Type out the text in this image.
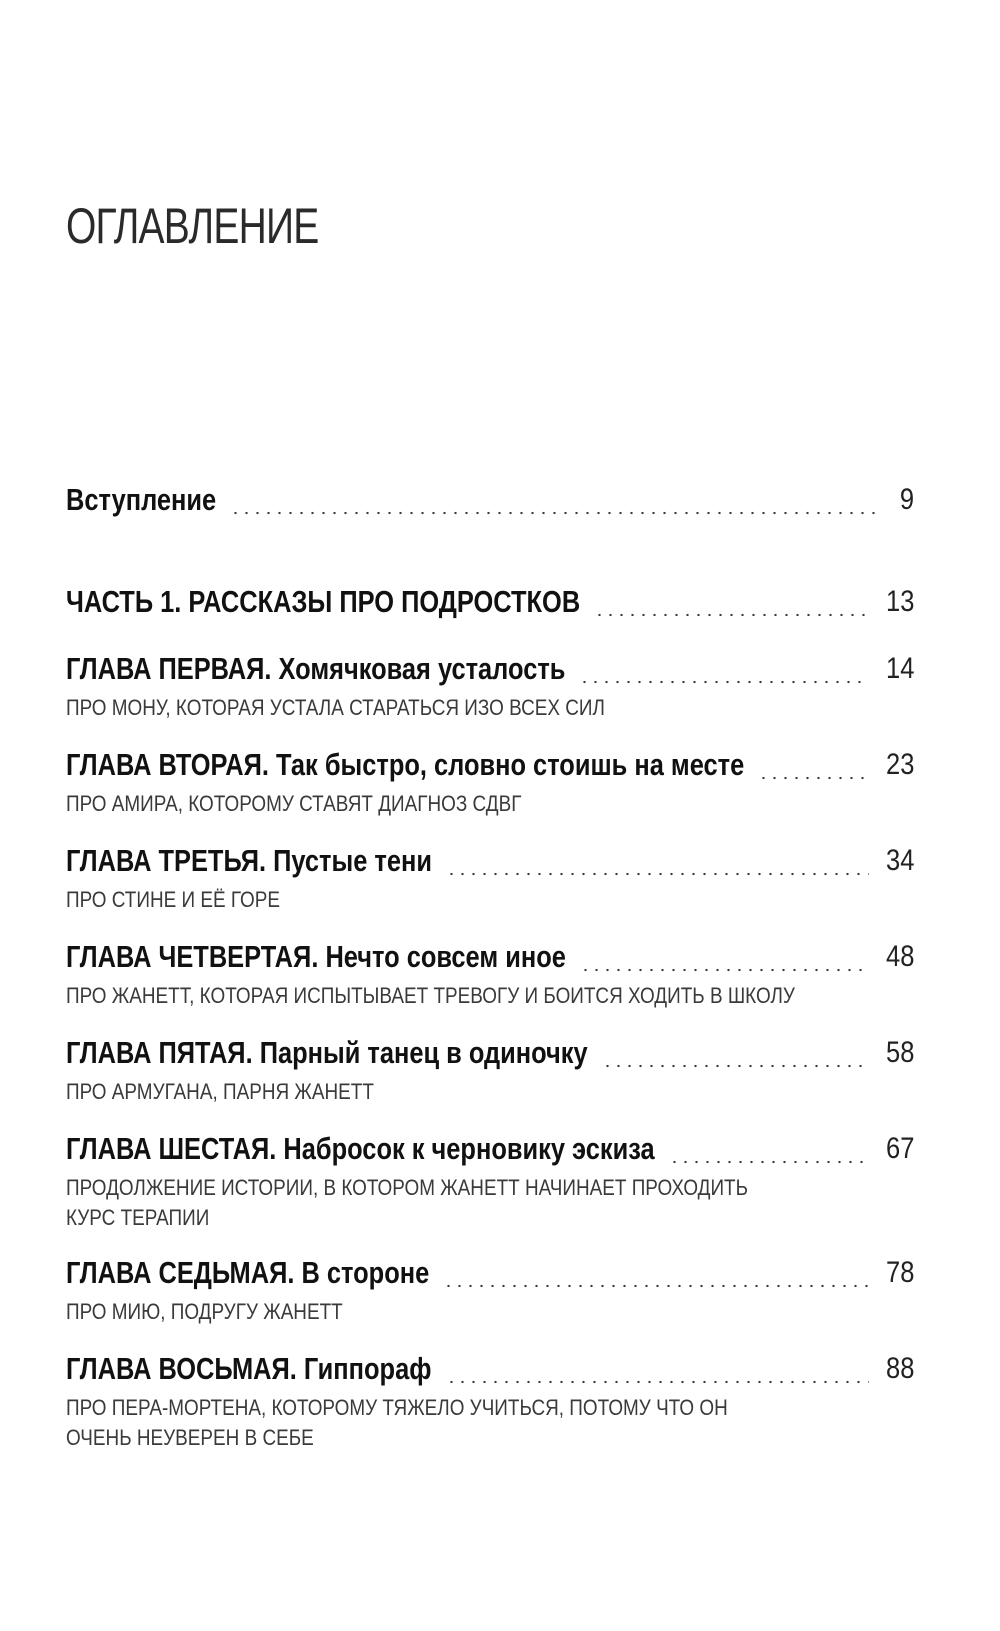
ОГЛАВЛЕНИЕ
Вступление	9
ЧАСТЬ 1. РАССКАЗЫ ПРО ПОДРОСТКОВ	13
ГЛАВА ПЕРВАЯ. Хомячковая усталость	14
ПРО МОНУ, КОТОРАЯ УСТАЛА СТАРАТЬСЯ ИЗО ВСЕХ СИЛ
ГЛАВА ВТОРАЯ. Так быстро, словно стоишь на месте	23
ПРО АМИРА, КОТОРОМУ СТАВЯТ ДИАГНОЗ СДВГ
ГЛАВА ТРЕТЬЯ. Пустые тени	34
ПРО СТИНЕ И ЕЁ ГОРЕ
ГЛАВА ЧЕТВЕРТАЯ. Нечто совсем иное	48
ПРО ЖАНЕТТ, КОТОРАЯ ИСПЫТЫВАЕТ ТРЕВОГУ И БОИТСЯ ХОДИТЬ В ШКОЛУ
ГЛАВА ПЯТАЯ. Парный танец в одиночку	58
ПРО АРМУГАНА, ПАРНЯ ЖАНЕТТ
ГЛАВА ШЕСТАЯ. Набросок к черновику эскиза	67
ПРОДОЛЖЕНИЕ ИСТОРИИ, В КОТОРОМ ЖАНЕТТ НАЧИНАЕТ ПРОХОДИТЬ
КУРС ТЕРАПИИ
ГЛАВА СЕДЬМАЯ. В стороне	78
ПРО МИЮ, ПОДРУГУ ЖАНЕТТ
ГЛАВА ВОСЬМАЯ. Гиппораф	88
ПРО ПЕРА-МОРТЕНА, КОТОРОМУ ТЯЖЕЛО УЧИТЬСЯ, ПОТОМУ ЧТО ОН
ОЧЕНЬ НЕУВЕРЕН В СЕБЕ
